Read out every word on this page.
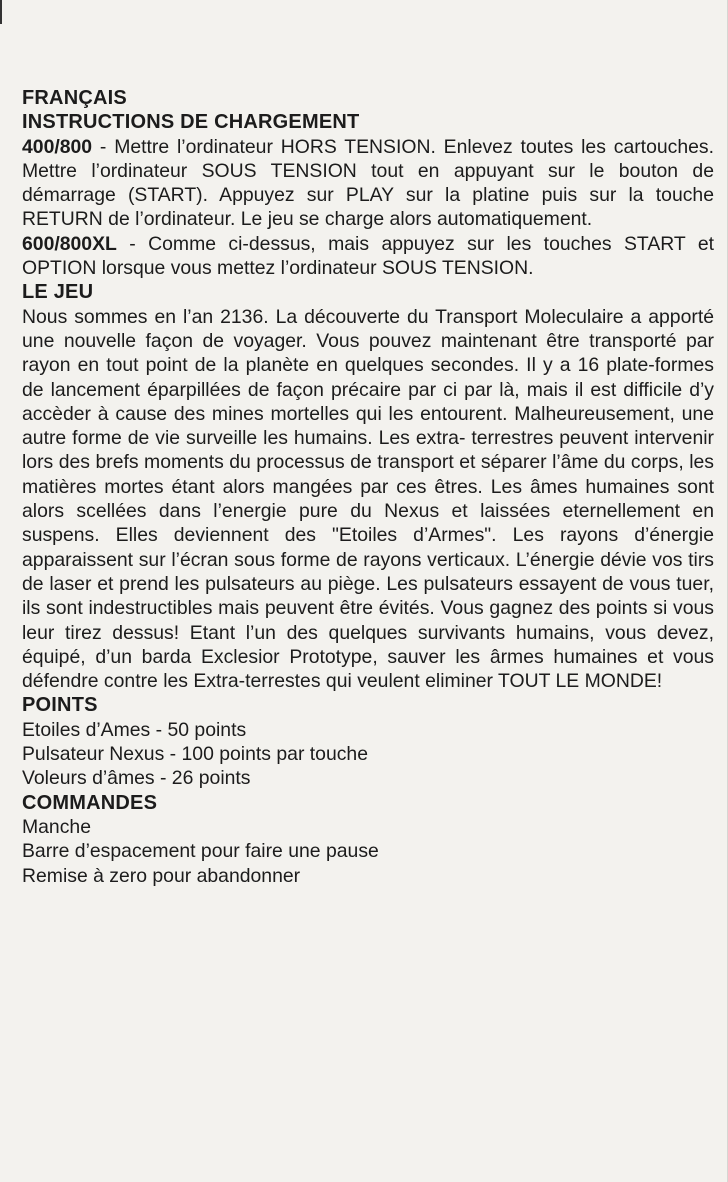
FRANÇAIS
INSTRUCTIONS DE CHARGEMENT

400/800 - Mettre l’ordinateur HORS TENSION. Enlevez toutes les cartouches. Mettre l’ordinateur SOUS TENSION tout en appuyant sur le bouton de démarrage (START). Appuyez sur PLAY sur la platine puis sur la touche RETURN de l’ordinateur. Le jeu se charge alors automatiquement.

600/800XL - Comme ci-dessus, mais appuyez sur les touches START et OPTION lorsque vous mettez l’ordinateur SOUS TENSION.

LE JEU

Nous sommes en l’an 2136. La découverte du Transport Moleculaire a apporté une nouvelle façon de voyager. Vous pouvez maintenant être transporté par rayon en tout point de la planète en quelques secondes. Il y a 16 plate-formes de lancement éparpillées de façon précaire par ci par là, mais il est difficile d’y accèder à cause des mines mortelles qui les entourent. Malheureusement, une autre forme de vie surveille les humains. Les extra- terrestres peuvent intervenir lors des brefs moments du processus de transport et séparer l’âme du corps, les matières mortes étant alors mangées par ces êtres. Les âmes humaines sont alors scellées dans l’energie pure du Nexus et laissées eternellement en suspens. Elles deviennent des "Etoiles d’Armes". Les rayons d’énergie apparaissent sur l’écran sous forme de rayons verticaux. L’énergie dévie vos tirs de laser et prend les pulsateurs au piège. Les pulsateurs essayent de vous tuer, ils sont indestructibles mais peuvent être évités. Vous gagnez des points si vous leur tirez dessus! Etant l’un des quelques survivants humains, vous devez, équipé, d’un barda Exclesior Prototype, sauver les ârmes humaines et vous défendre contre les Extra-terrestes qui veulent eliminer TOUT LE MONDE!

POINTS

Etoiles d’Ames - 50 points

Pulsateur Nexus - 100 points par touche

Voleurs d’âmes - 26 points

COMMANDES

Manche

Barre d’espacement pour faire une pause

Remise à zero pour abandonner
